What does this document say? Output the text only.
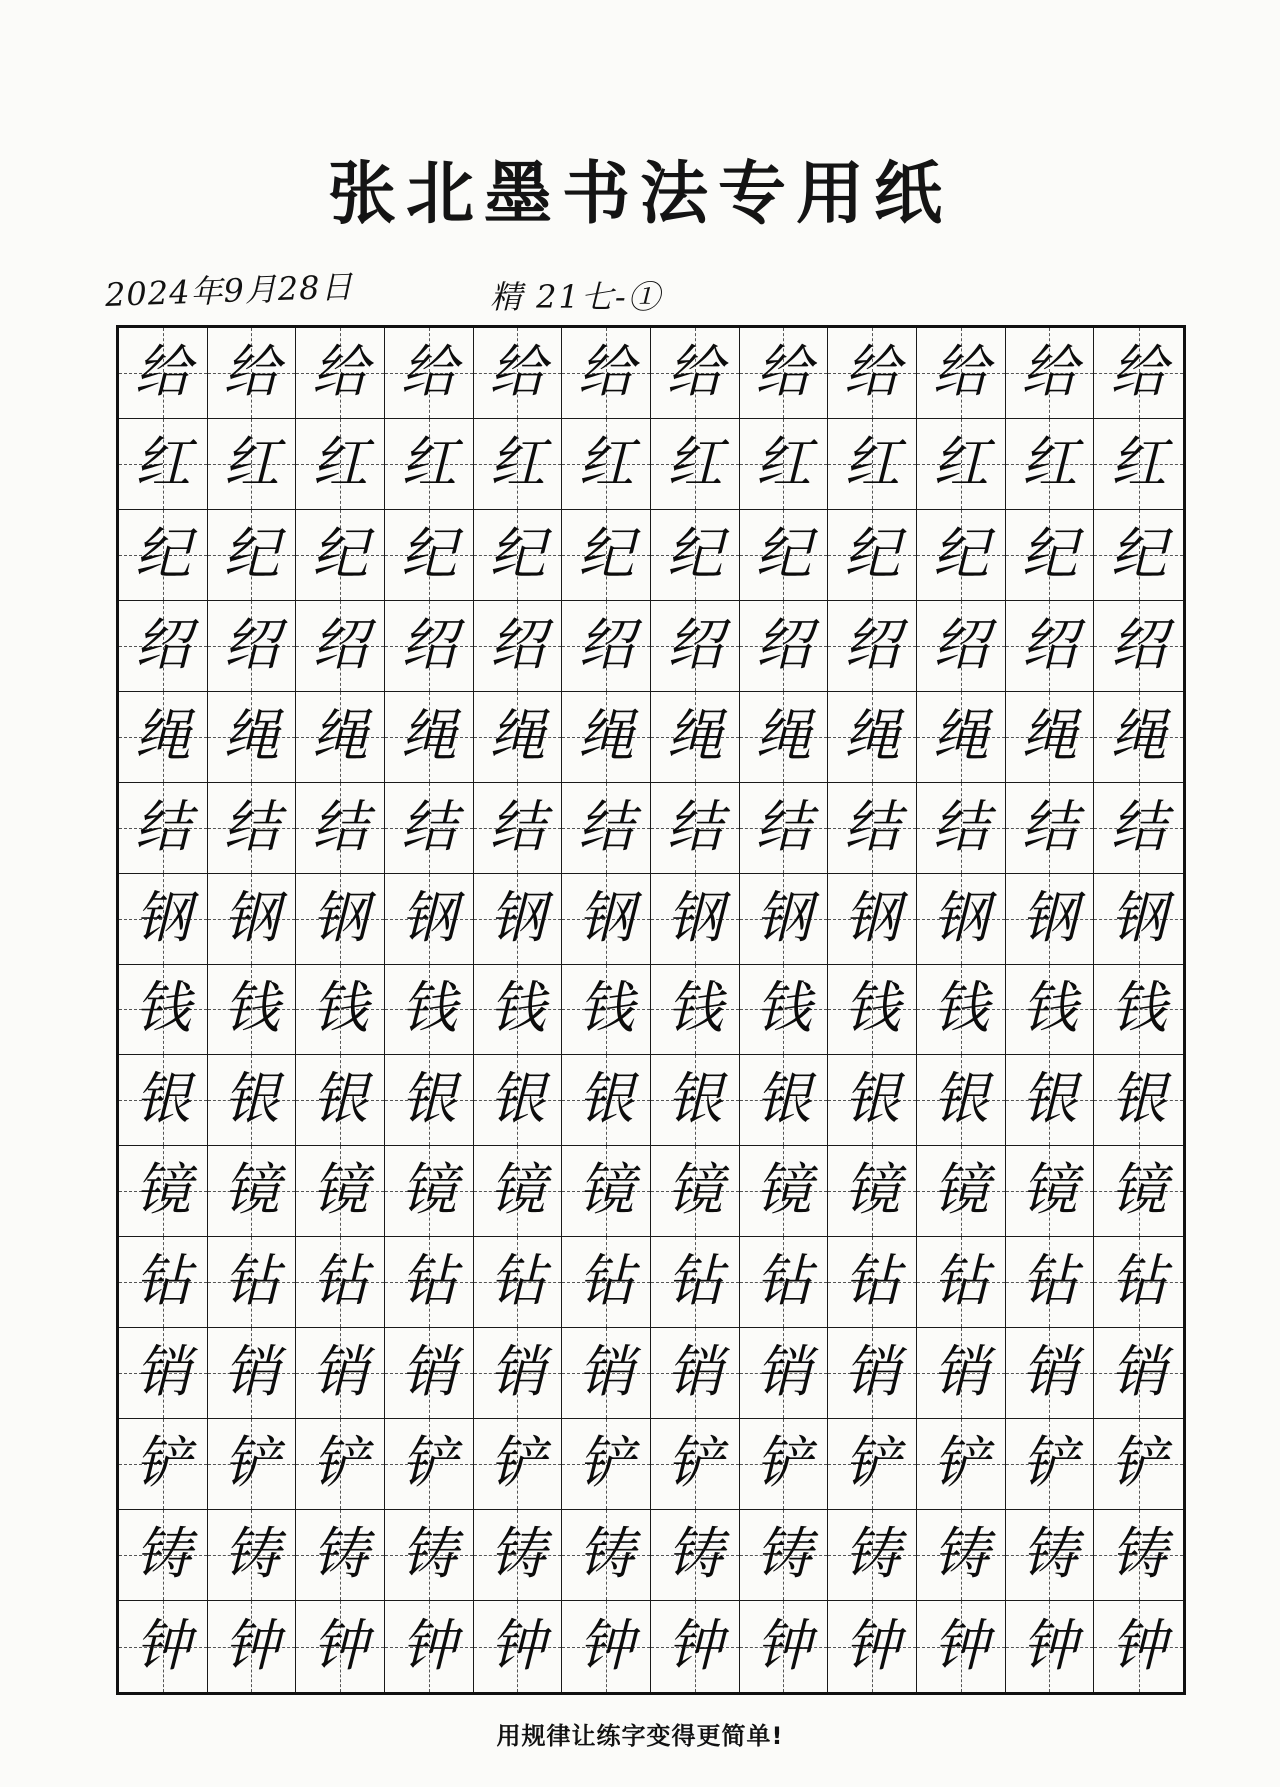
张北墨书法专用纸
2024年9月28日	精 21七-①
给 给 给 给 给 给 给 给 给 给 给 给
红 红 红 红 红 红 红 红 红 红 红 红
纪 纪 纪 纪 纪 纪 纪 纪 纪 纪 纪 纪
绍 绍 绍 绍 绍 绍 绍 绍 绍 绍 绍 绍
绳 绳 绳 绳 绳 绳 绳 绳 绳 绳 绳 绳
结 结 结 结 结 结 结 结 结 结 结 结
钢 钢 钢 钢 钢 钢 钢 钢 钢 钢 钢 钢
钱 钱 钱 钱 钱 钱 钱 钱 钱 钱 钱 钱
银 银 银 银 银 银 银 银 银 银 银 银
镜 镜 镜 镜 镜 镜 镜 镜 镜 镜 镜 镜
钻 钻 钻 钻 钻 钻 钻 钻 钻 钻 钻 钻
销 销 销 销 销 销 销 销 销 销 销 销
铲 铲 铲 铲 铲 铲 铲 铲 铲 铲 铲 铲
铸 铸 铸 铸 铸 铸 铸 铸 铸 铸 铸 铸
钟 钟 钟 钟 钟 钟 钟 钟 钟 钟 钟 钟
用规律让练字变得更简单!
